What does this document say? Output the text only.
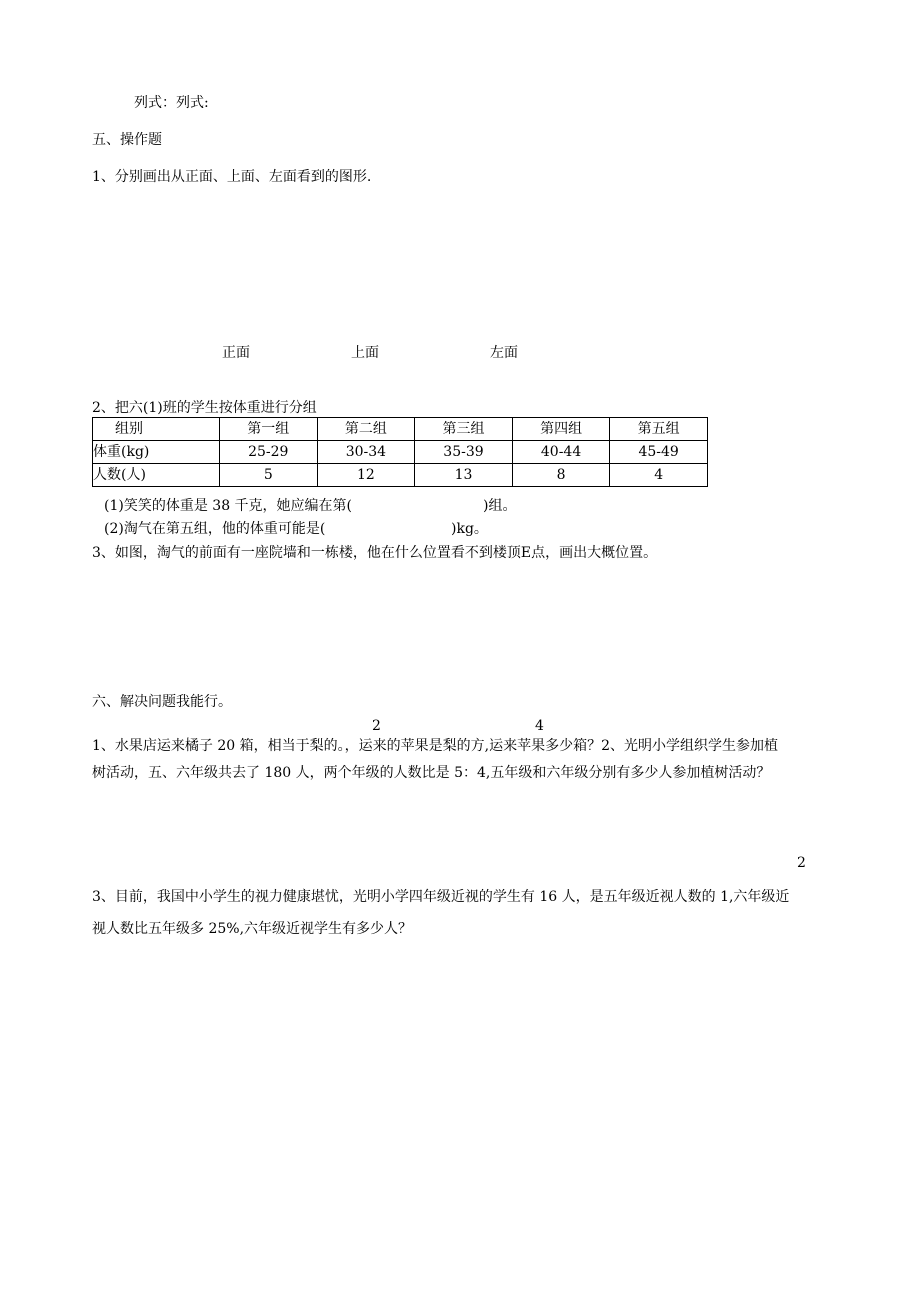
列式：列式:
五、操作题
1、分别画出从正面、上面、左面看到的图形.
正面	上面	左面
2、把六(1)班的学生按体重进行分组
组别	第一组	第二组	第三组	第四组	第五组
体重(kg)	25-29	30-34	35-39	40-44	45-49
人数(人)	5	12	13	8	4
(1)笑笑的体重是 38 千克，她应编在第(	)组。
(2)淘气在第五组，他的体重可能是(	)kg。
3、如图，淘气的前面有一座院墙和一栋楼，他在什么位置看不到楼顶E点，画出大概位置。
六、解决问题我能行。
2	4
1、水果店运来橘子 20 箱，相当于梨的。，运来的苹果是梨的方,运来苹果多少箱？2、光明小学组织学生参加植
树活动，五、六年级共去了 180 人，两个年级的人数比是 5：4,五年级和六年级分别有多少人参加植树活动？
2
3、目前，我国中小学生的视力健康堪忧，光明小学四年级近视的学生有 16 人，是五年级近视人数的 1,六年级近
视人数比五年级多 25%,六年级近视学生有多少人？
